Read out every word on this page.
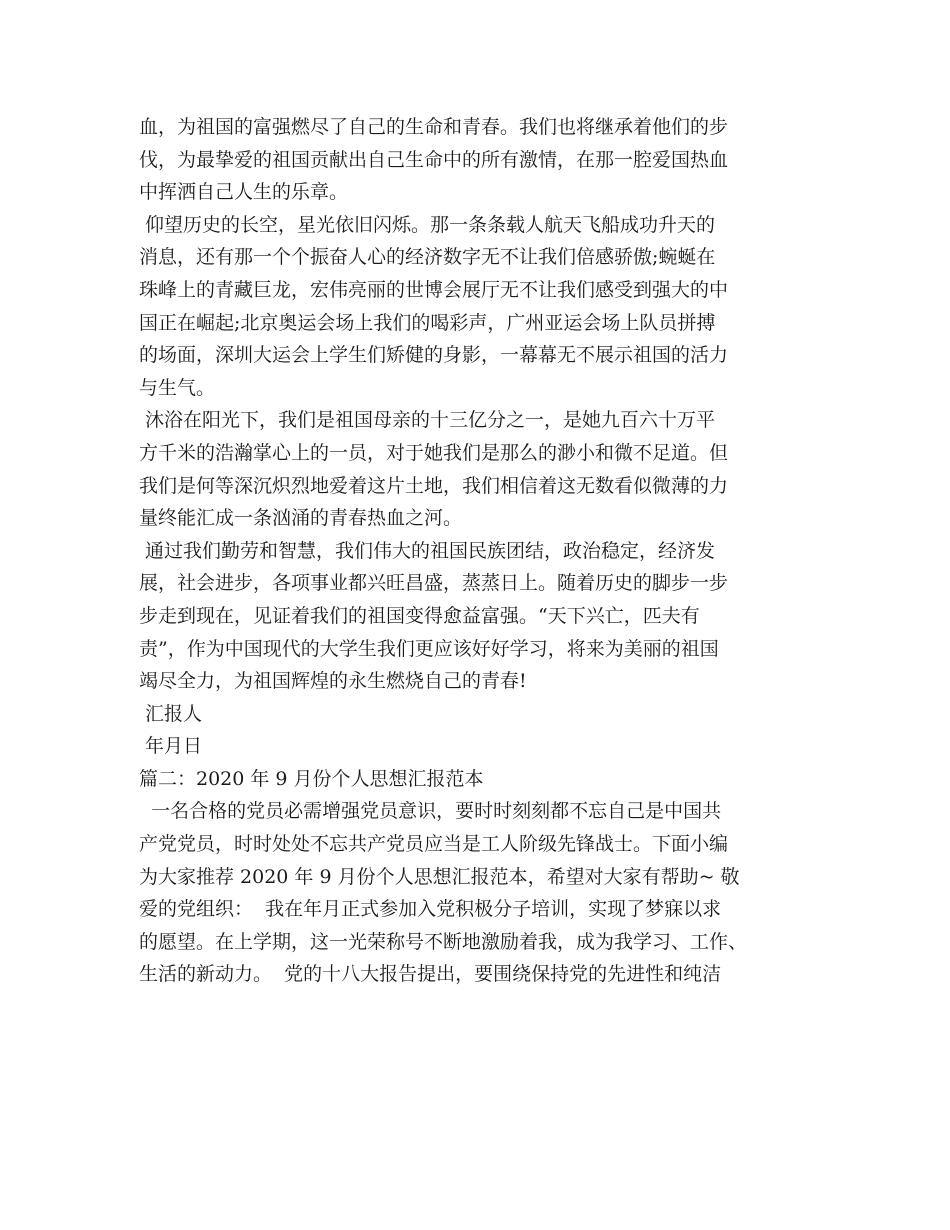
血，为祖国的富强燃尽了自己的生命和青春。我们也将继承着他们的步
伐，为最挚爱的祖国贡献出自己生命中的所有激情，在那一腔爱国热血
中挥洒自己人生的乐章。
仰望历史的长空，星光依旧闪烁。那一条条载人航天飞船成功升天的
消息，还有那一个个振奋人心的经济数字无不让我们倍感骄傲;蜿蜒在
珠峰上的青藏巨龙，宏伟亮丽的世博会展厅无不让我们感受到强大的中
国正在崛起;北京奥运会场上我们的喝彩声，广州亚运会场上队员拼搏
的场面，深圳大运会上学生们矫健的身影，一幕幕无不展示祖国的活力
与生气。
沐浴在阳光下，我们是祖国母亲的十三亿分之一，是她九百六十万平
方千米的浩瀚掌心上的一员，对于她我们是那么的渺小和微不足道。但
我们是何等深沉炽烈地爱着这片土地，我们相信着这无数看似微薄的力
量终能汇成一条汹涌的青春热血之河。
通过我们勤劳和智慧，我们伟大的祖国民族团结，政治稳定，经济发
展，社会进步，各项事业都兴旺昌盛，蒸蒸日上。随着历史的脚步一步
步走到现在，见证着我们的祖国变得愈益富强。“天下兴亡，匹夫有
责”，作为中国现代的大学生我们更应该好好学习，将来为美丽的祖国
竭尽全力，为祖国辉煌的永生燃烧自己的青春!
汇报人
年月日
篇二：2020 年 9 月份个人思想汇报范本
一名合格的党员必需增强党员意识，要时时刻刻都不忘自己是中国共
产党党员，时时处处不忘共产党员应当是工人阶级先锋战士。下面小编
为大家推荐 2020 年 9 月份个人思想汇报范本，希望对大家有帮助~ 敬
爱的党组织：  我在年月正式参加入党积极分子培训，实现了梦寐以求
的愿望。在上学期，这一光荣称号不断地激励着我，成为我学习、工作、
生活的新动力。  党的十八大报告提出，要围绕保持党的先进性和纯洁
